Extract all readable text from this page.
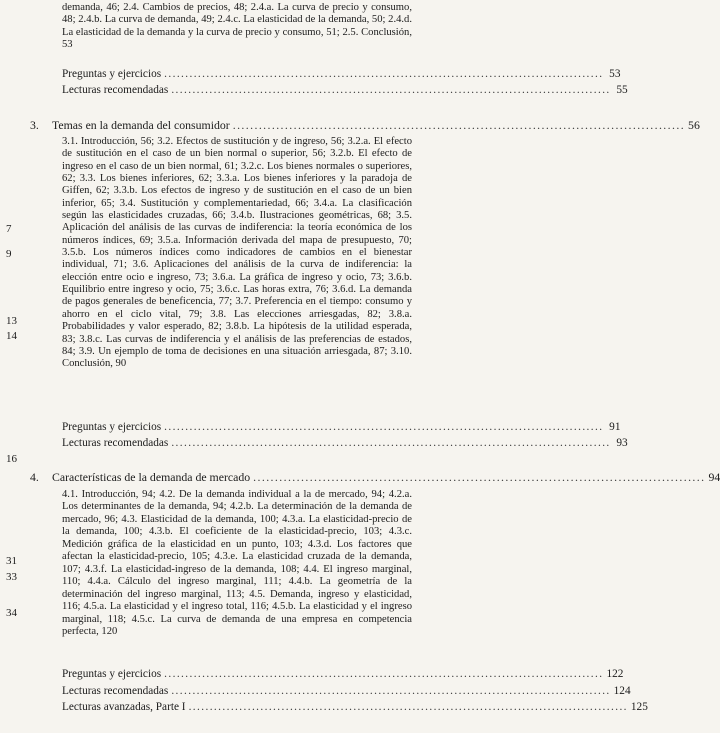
demanda, 46; 2.4. Cambios de precios, 48; 2.4.a. La curva de precio y consumo, 48; 2.4.b. La curva de demanda, 49; 2.4.c. La elasticidad de la demanda, 50; 2.4.d. La elasticidad de la demanda y la curva de precio y consumo, 51; 2.5. Conclusión, 53
Preguntas y ejercicios ........................................................................................................ 53
Lecturas recomendadas ........................................................................................................ 55
3.	Temas en la demanda del consumidor ........................................................................................................ 56
3.1. Introducción, 56; 3.2. Efectos de sustitución y de ingreso, 56; 3.2.a. El efecto de sustitución en el caso de un bien normal o superior, 56; 3.2.b. El efecto de ingreso en el caso de un bien normal, 61; 3.2.c. Los bienes normales o superiores, 62; 3.3. Los bienes inferiores, 62; 3.3.a. Los bienes inferiores y la paradoja de Giffen, 62; 3.3.b. Los efectos de ingreso y de sustitución en el caso de un bien inferior, 65; 3.4. Sustitución y complementariedad, 66; 3.4.a. La clasificación según las elasticidades cruzadas, 66; 3.4.b. Ilustraciones geométricas, 68; 3.5. Aplicación del análisis de las curvas de indiferencia: la teoría económica de los números índices, 69; 3.5.a. Información derivada del mapa de presupuesto, 70; 3.5.b. Los números índices como indicadores de cambios en el bienestar individual, 71; 3.6. Aplicaciones del análisis de la curva de indiferencia: la elección entre ocio e ingreso, 73; 3.6.a. La gráfica de ingreso y ocio, 73; 3.6.b. Equilibrio entre ingreso y ocio, 75; 3.6.c. Las horas extra, 76; 3.6.d. La demanda de pagos generales de beneficencia, 77; 3.7. Preferencia en el tiempo: consumo y ahorro en el ciclo vital, 79; 3.8. Las elecciones arriesgadas, 82; 3.8.a. Probabilidades y valor esperado, 82; 3.8.b. La hipótesis de la utilidad esperada, 83; 3.8.c. Las curvas de indiferencia y el análisis de las preferencias de estados, 84; 3.9. Un ejemplo de toma de decisiones en una situación arriesgada, 87; 3.10. Conclusión, 90
Preguntas y ejercicios ........................................................................................................ 91
Lecturas recomendadas ........................................................................................................ 93
4.	Características de la demanda de mercado ........................................................................................................ 94
4.1. Introducción, 94; 4.2. De la demanda individual a la de mercado, 94; 4.2.a. Los determinantes de la demanda, 94; 4.2.b. La determinación de la demanda de mercado, 96; 4.3. Elasticidad de la demanda, 100; 4.3.a. La elasticidad-precio de la demanda, 100; 4.3.b. El coeficiente de la elasticidad-precio, 103; 4.3.c. Medición gráfica de la elasticidad en un punto, 103; 4.3.d. Los factores que afectan la elasticidad-precio, 105; 4.3.e. La elasticidad cruzada de la demanda, 107; 4.3.f. La elasticidad-ingreso de la demanda, 108; 4.4. El ingreso marginal, 110; 4.4.a. Cálculo del ingreso marginal, 111; 4.4.b. La geometría de la determinación del ingreso marginal, 113; 4.5. Demanda, ingreso y elasticidad, 116; 4.5.a. La elasticidad y el ingreso total, 116; 4.5.b. La elasticidad y el ingreso marginal, 118; 4.5.c. La curva de demanda de una empresa en competencia perfecta, 120
Preguntas y ejercicios ........................................................................................................ 122
Lecturas recomendadas ........................................................................................................ 124
Lecturas avanzadas, Parte I ........................................................................................................ 125
7
9
13
14
16
31
33
34
